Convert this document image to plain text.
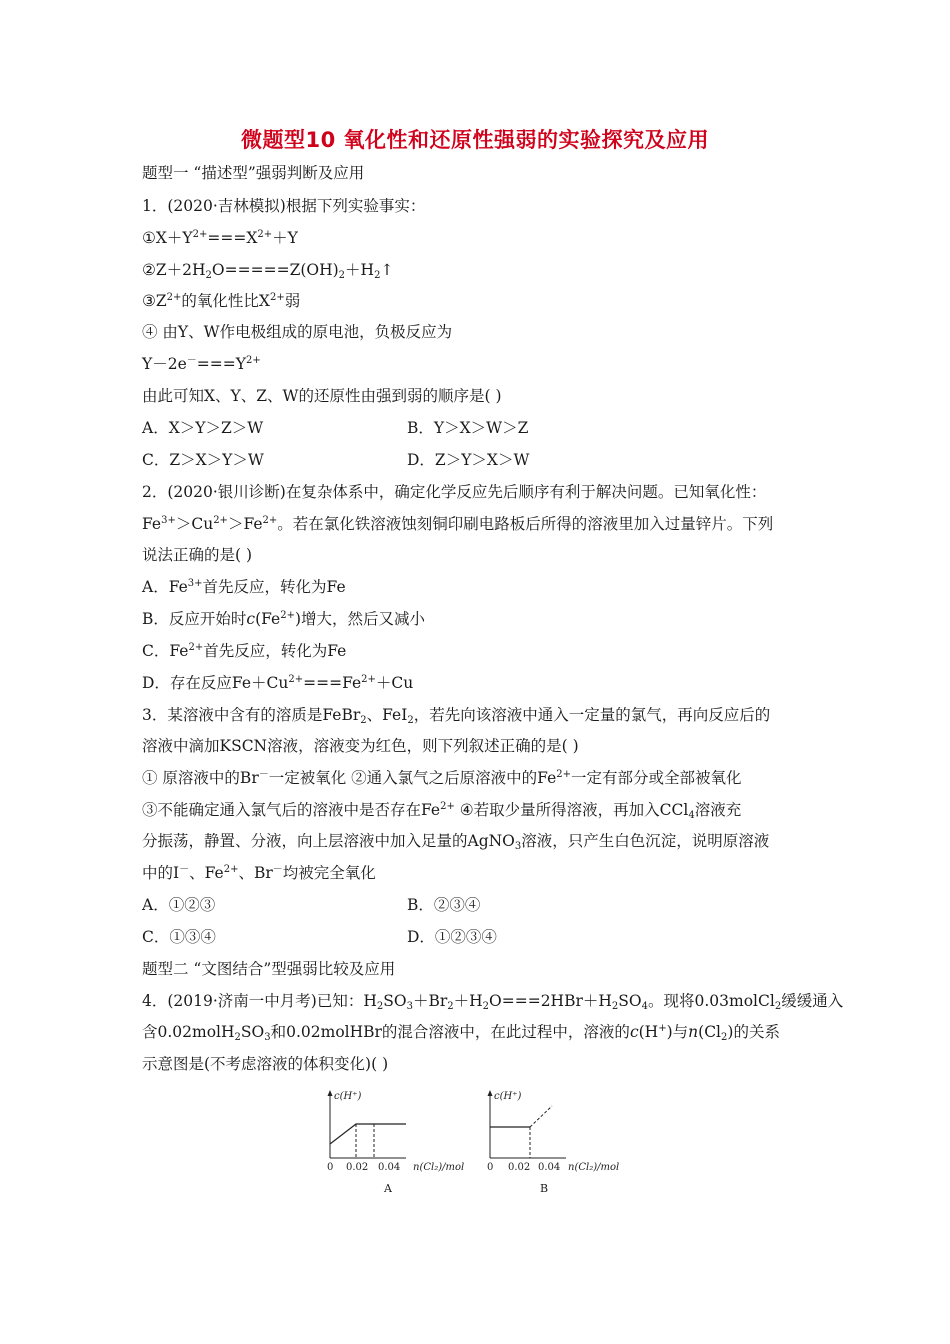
微题型10 氧化性和还原性强弱的实验探究及应用
题型一 “描述型”强弱判断及应用
1．(2020·吉林模拟)根据下列实验事实：
$①X+Y^{2+}===X^{2+}+Y$
$②Z+2H_2O=====Z(OH)_2+H_2↑$
$③Z^{2+}$的氧化性比$X^{2+}$弱
④ 由Y、W作电极组成的原电池，负极反应为
$Y-2e^-===Y^{2+}$
由此可知X、Y、Z、W的还原性由强到弱的顺序是( )
A．X＞Y＞Z＞W	B．Y＞X＞W＞Z
C．Z＞X＞Y＞W	D．Z＞Y＞X＞W
2．(2020·银川诊断)在复杂体系中，确定化学反应先后顺序有利于解决问题。已知氧化性：
$Fe^{3+}>Cu^{2+}>Fe^{2+}$。若在氯化铁溶液蚀刻铜印刷电路板后所得的溶液里加入过量锌片。下列
说法正确的是( )
A．$Fe^{3+}$首先反应，转化为Fe
B．反应开始时$c(Fe^{2+})$增大，然后又减小
C．$Fe^{2+}$首先反应，转化为Fe
D．存在反应$Fe+Cu^{2+}===Fe^{2+}+Cu$
3．某溶液中含有的溶质是FeBr$_2$、FeI$_2$，若先向该溶液中通入一定量的氯气，再向反应后的
溶液中滴加KSCN溶液，溶液变为红色，则下列叙述正确的是( )
① 原溶液中的Br－一定被氧化 ②通入氯气之后原溶液中的$Fe^{2+}$一定有部分或全部被氧化
③不能确定通入氯气后的溶液中是否存在$Fe^{2+}$ ④若取少量所得溶液，再加入CCl$_4$溶液充
分振荡，静置、分液，向上层溶液中加入足量的AgNO$_3$溶液，只产生白色沉淀，说明原溶液
中的I－、$Fe^{2+}$、Br－均被完全氧化
A．①②③	B．②③④
C．①③④	D．①②③④
题型二 “文图结合”型强弱比较及应用
4．(2019·济南一中月考)已知：$H_2SO_3+Br_2+H_2O===2HBr+H_2SO_4$。现将0.03molCl$_2$缓缓通入
含$0.02molH_2SO_3$和0.02molHBr的混合溶液中，在此过程中，溶液的c(H+)与$n(Cl_2)$的关系
示意图是(不考虑溶液的体积变化)( )
c(H⁺)
0 0.02 0.04 n(Cl₂)/mol
A
c(H⁺)
0 0.02 0.04 n(Cl₂)/mol
B
